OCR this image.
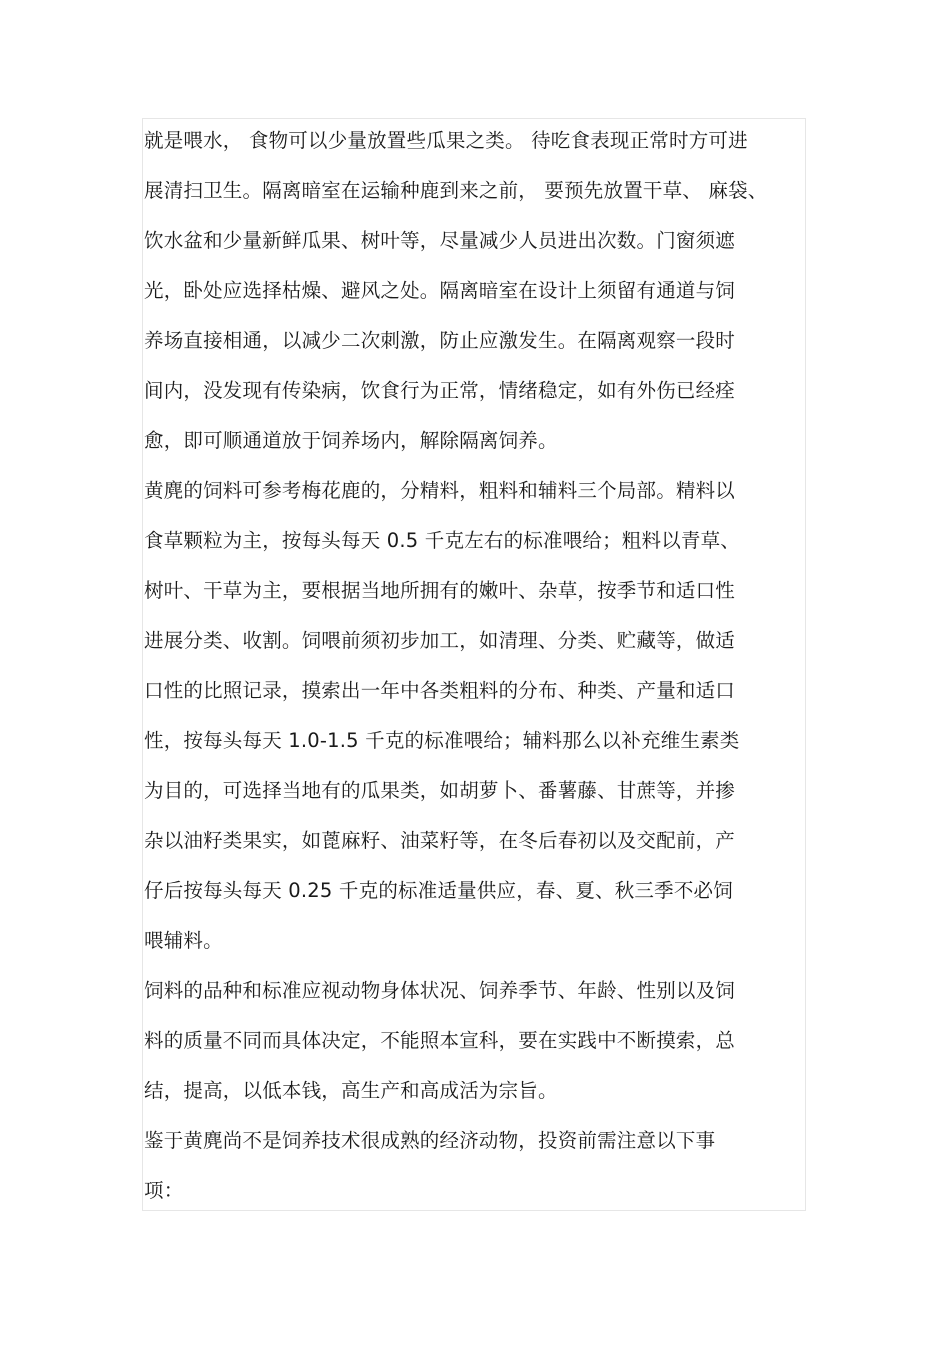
就是喂水， 食物可以少量放置些瓜果之类。 待吃食表现正常时方可进
展清扫卫生。隔离暗室在运输种鹿到来之前， 要预先放置干草、 麻袋、
饮水盆和少量新鲜瓜果、树叶等，尽量减少人员进出次数。门窗须遮
光，卧处应选择枯燥、避风之处。隔离暗室在设计上须留有通道与饲
养场直接相通，以减少二次刺激，防止应激发生。在隔离观察一段时
间内，没发现有传染病，饮食行为正常，情绪稳定，如有外伤已经痊
愈，即可顺通道放于饲养场内，解除隔离饲养。
黄麂的饲料可参考梅花鹿的，分精料，粗料和辅料三个局部。精料以
食草颗粒为主，按每头每天 0.5 千克左右的标准喂给；粗料以青草、
树叶、干草为主，要根据当地所拥有的嫩叶、杂草，按季节和适口性
进展分类、收割。饲喂前须初步加工，如清理、分类、贮藏等，做适
口性的比照记录，摸索出一年中各类粗料的分布、种类、产量和适口
性，按每头每天 1.0-1.5 千克的标准喂给；辅料那么以补充维生素类
为目的，可选择当地有的瓜果类，如胡萝卜、番薯藤、甘蔗等，并掺
杂以油籽类果实，如蓖麻籽、油菜籽等，在冬后春初以及交配前，产
仔后按每头每天 0.25 千克的标准适量供应，春、夏、秋三季不必饲
喂辅料。
饲料的品种和标准应视动物身体状况、饲养季节、年龄、性别以及饲
料的质量不同而具体决定，不能照本宣科，要在实践中不断摸索，总
结，提高，以低本钱，高生产和高成活为宗旨。
鉴于黄麂尚不是饲养技术很成熟的经济动物，投资前需注意以下事
项：
